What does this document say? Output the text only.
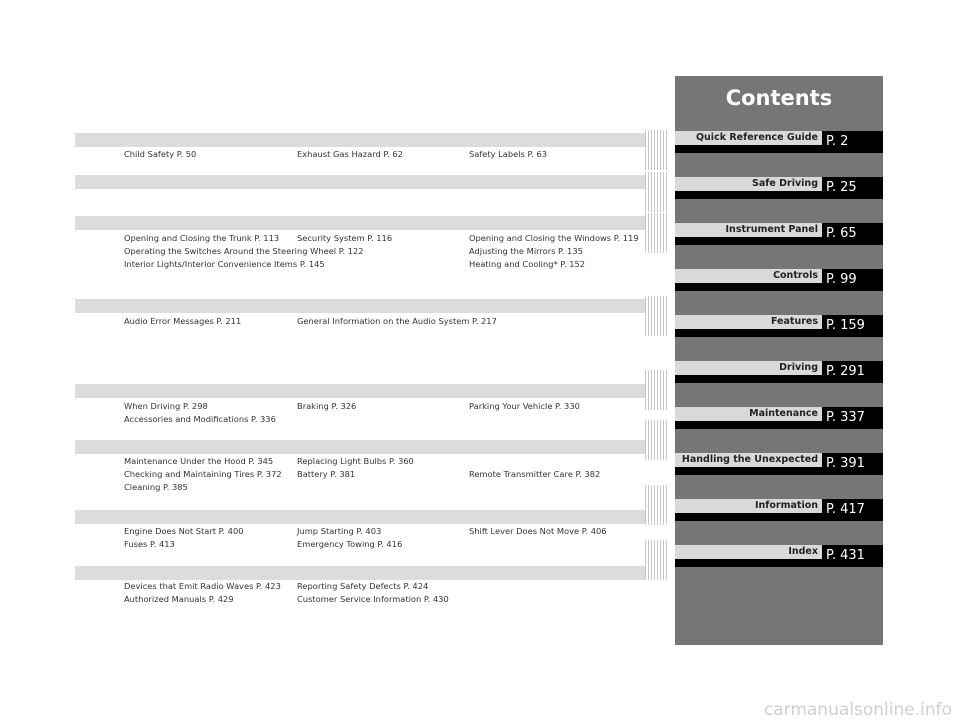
Child Safety P. 50	Exhaust Gas Hazard P. 62	Safety Labels P. 63
Opening and Closing the Trunk P. 113 Security System P. 116	Opening and Closing the Windows P. 119
Operating the Switches Around the Steering Wheel P. 122	Adjusting the Mirrors P. 135
Interior Lights/Interior Convenience Items P. 145	Heating and Cooling* P. 152
Audio Error Messages P. 211	General Information on the Audio System P. 217
When Driving P. 298	Braking P. 326	Parking Your Vehicle P. 330
Accessories and Modifications P. 336
Maintenance Under the Hood P. 345	Replacing Light Bulbs P. 360
Checking and Maintaining Tires P. 372 Battery P. 381	Remote Transmitter Care P. 382
Cleaning P. 385
Engine Does Not Start P. 400	Jump Starting P. 403	Shift Lever Does Not Move P. 406
Fuses P. 413	Emergency Towing P. 416
Devices that Emit Radio Waves P. 423 Reporting Safety Defects P. 424
Authorized Manuals P. 429	Customer Service Information P. 430
Contents
Quick Reference Guide P. 2
Safe Driving P. 25
Instrument Panel P. 65
Controls P. 99
Features P. 159
Driving P. 291
Maintenance P. 337
Handling the Unexpected P. 391
Information P. 417
Index P. 431
carmanualsonline.info
